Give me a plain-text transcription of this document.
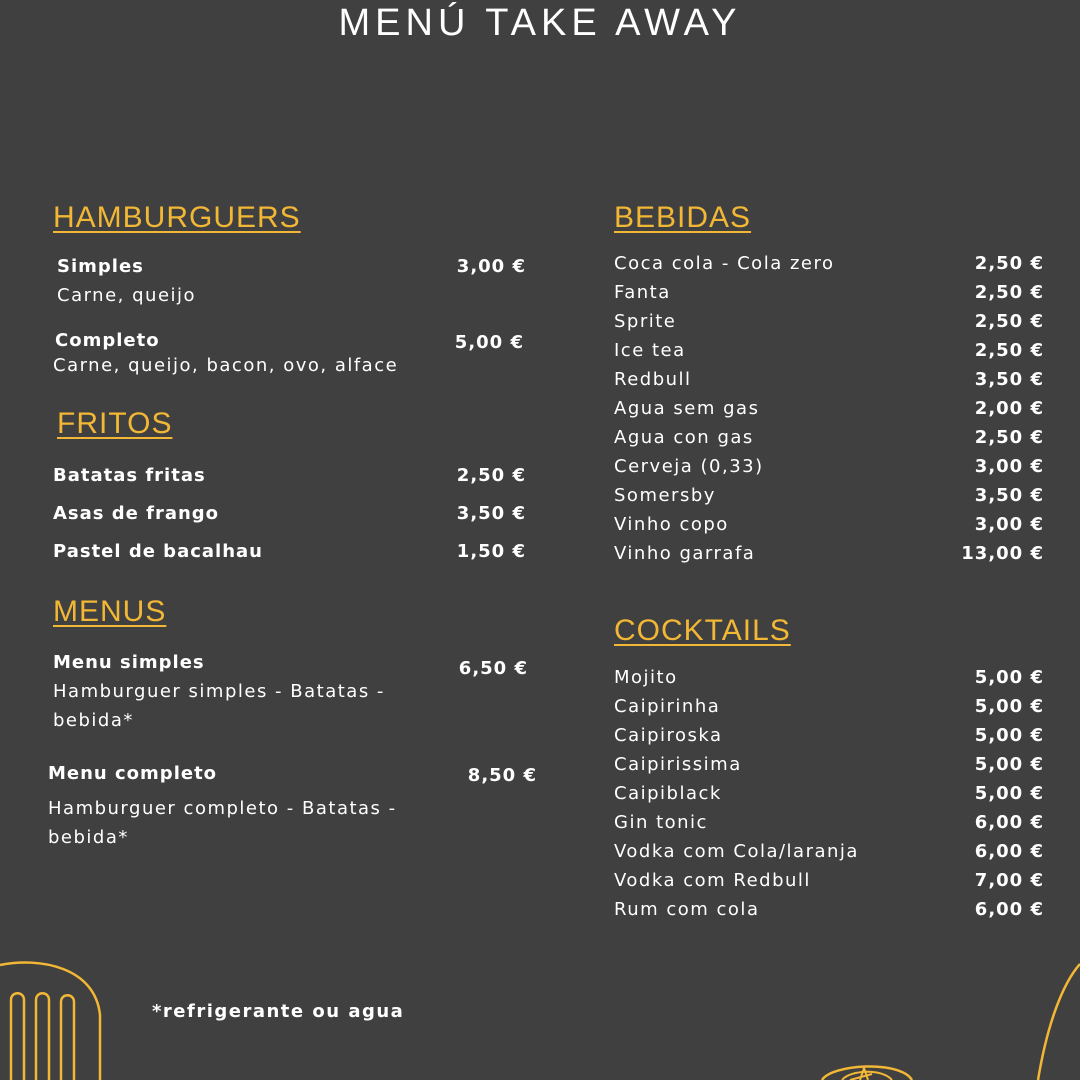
MENÚ TAKE AWAY
HAMBURGUERS
Simples	3,00 €
Carne, queijo
Completo	5,00 €
Carne, queijo, bacon, ovo, alface
FRITOS
Batatas fritas	2,50 €
Asas de frango	3,50 €
Pastel de bacalhau	1,50 €
MENUS
Menu simples	6,50 €
Hamburguer simples - Batatas -
bebida*
Menu completo	8,50 €
Hamburguer completo - Batatas -
bebida*
BEBIDAS
Coca cola - Cola zero	2,50 €
Fanta	2,50 €
Sprite	2,50 €
Ice tea	2,50 €
Redbull	3,50 €
Agua sem gas	2,00 €
Agua con gas	2,50 €
Cerveja (0,33)	3,00 €
Somersby	3,50 €
Vinho copo	3,00 €
Vinho garrafa	13,00 €
COCKTAILS
Mojito	5,00 €
Caipirinha	5,00 €
Caipiroska	5,00 €
Caipirissima	5,00 €
Caipiblack	5,00 €
Gin tonic	6,00 €
Vodka com Cola/laranja	6,00 €
Vodka com Redbull	7,00 €
Rum com cola	6,00 €
*refrigerante ou agua
